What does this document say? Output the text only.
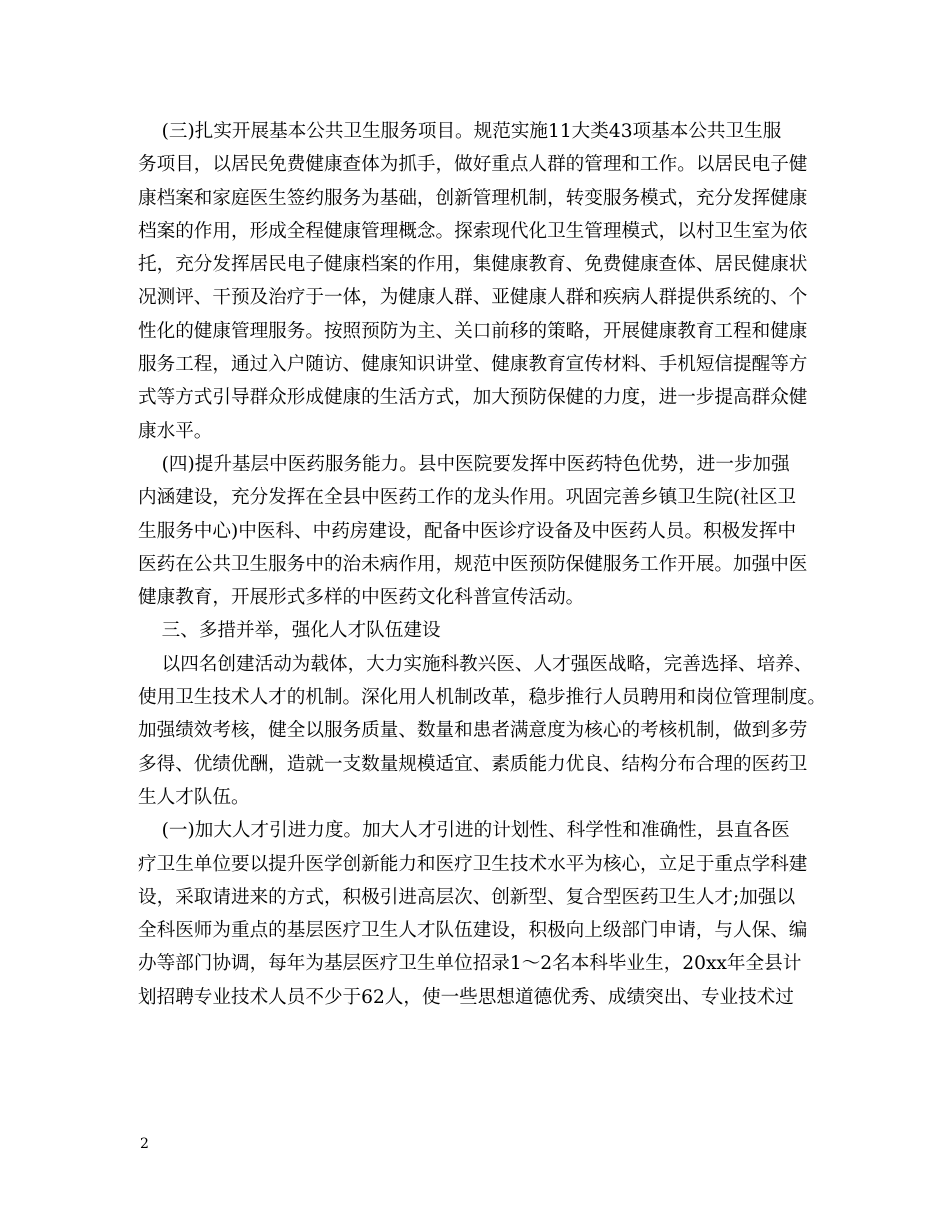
(三)扎实开展基本公共卫生服务项目。规范实施11大类43项基本公共卫生服
务项目，以居民免费健康查体为抓手，做好重点人群的管理和工作。以居民电子健
康档案和家庭医生签约服务为基础，创新管理机制，转变服务模式，充分发挥健康
档案的作用，形成全程健康管理概念。探索现代化卫生管理模式，以村卫生室为依
托，充分发挥居民电子健康档案的作用，集健康教育、免费健康查体、居民健康状
况测评、干预及治疗于一体，为健康人群、亚健康人群和疾病人群提供系统的、个
性化的健康管理服务。按照预防为主、关口前移的策略，开展健康教育工程和健康
服务工程，通过入户随访、健康知识讲堂、健康教育宣传材料、手机短信提醒等方
式等方式引导群众形成健康的生活方式，加大预防保健的力度，进一步提高群众健
康水平。
(四)提升基层中医药服务能力。县中医院要发挥中医药特色优势，进一步加强
内涵建设，充分发挥在全县中医药工作的龙头作用。巩固完善乡镇卫生院(社区卫
生服务中心)中医科、中药房建设，配备中医诊疗设备及中医药人员。积极发挥中
医药在公共卫生服务中的治未病作用，规范中医预防保健服务工作开展。加强中医
健康教育，开展形式多样的中医药文化科普宣传活动。
三、多措并举，强化人才队伍建设
以四名创建活动为载体，大力实施科教兴医、人才强医战略，完善选择、培养、
使用卫生技术人才的机制。深化用人机制改革，稳步推行人员聘用和岗位管理制度。
加强绩效考核，健全以服务质量、数量和患者满意度为核心的考核机制，做到多劳
多得、优绩优酬，造就一支数量规模适宜、素质能力优良、结构分布合理的医药卫
生人才队伍。
(一)加大人才引进力度。加大人才引进的计划性、科学性和准确性，县直各医
疗卫生单位要以提升医学创新能力和医疗卫生技术水平为核心，立足于重点学科建
设，采取请进来的方式，积极引进高层次、创新型、复合型医药卫生人才;加强以
全科医师为重点的基层医疗卫生人才队伍建设，积极向上级部门申请，与人保、编
办等部门协调，每年为基层医疗卫生单位招录1～2名本科毕业生，20xx年全县计
划招聘专业技术人员不少于62人，使一些思想道德优秀、成绩突出、专业技术过
2
